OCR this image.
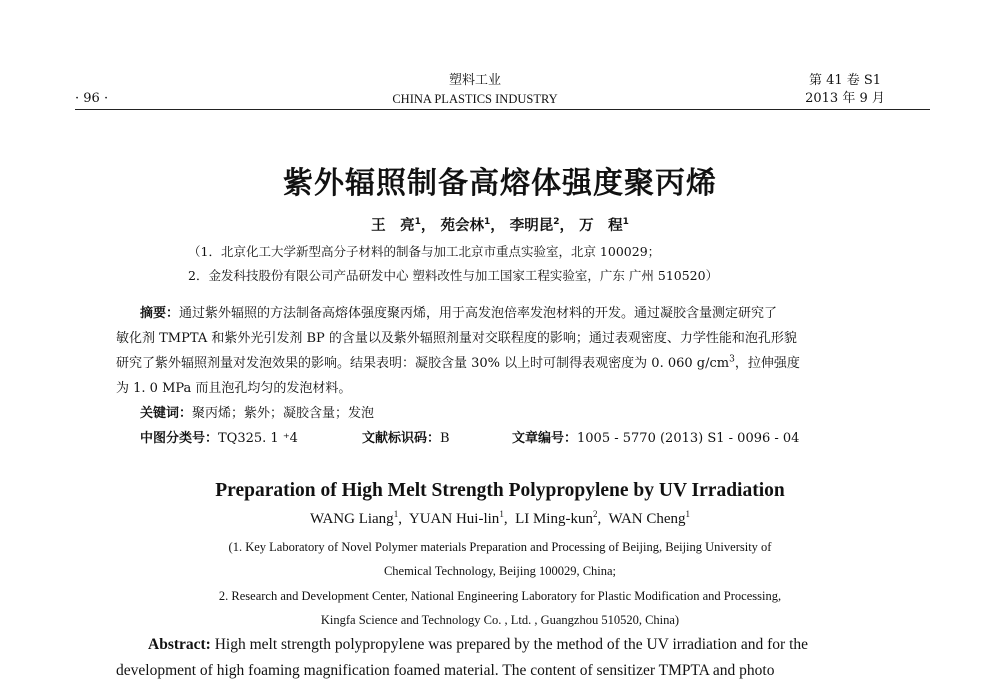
· 96 ·
塑料工业
CHINA PLASTICS INDUSTRY
第 41 卷 S1
2013 年 9 月
紫外辐照制备高熔体强度聚丙烯
王　亮$^1$， 苑会林$^1$， 李明昆$^2$， 万　程$^1$
（1．北京化工大学新型高分子材料的制备与加工北京市重点实验室，北京 100029；
2．金发科技股份有限公司产品研发中心 塑料改性与加工国家工程实验室，广东 广州 510520）
摘要：通过紫外辐照的方法制备高熔体强度聚丙烯，用于高发泡倍率发泡材料的开发。通过凝胶含量测定研究了
敏化剂 TMPTA 和紫外光引发剂 BP 的含量以及紫外辐照剂量对交联程度的影响；通过表观密度、力学性能和泡孔形貌
研究了紫外辐照剂量对发泡效果的影响。结果表明：凝胶含量 30% 以上时可制得表观密度为 0. 060 $g/cm^3$，拉伸强度
为 1. 0 MPa 而且泡孔均匀的发泡材料。
关键词：聚丙烯；紫外；凝胶含量；发泡
中图分类号：TQ325. 1 ⁺4	文献标识码：B	文章编号：1005 - 5770 (2013) S1 - 0096 - 04
Preparation of High Melt Strength Polypropylene by UV Irradiation
WANG Liang$^1$,  YUAN Hui-lin$^1$,  LI Ming-kun$^2$,  WAN Cheng$^1$
(1. Key Laboratory of Novel Polymer materials Preparation and Processing of Beijing, Beijing University of
Chemical Technology, Beijing 100029, China;
2. Research and Development Center, National Engineering Laboratory for Plastic Modification and Processing,
Kingfa Science and Technology Co. , Ltd. , Guangzhou 510520, China)
Abstract: High melt strength polypropylene was prepared by the method of the UV irradiation and for the
development of high foaming magnification foamed material. The content of sensitizer TMPTA and photo
